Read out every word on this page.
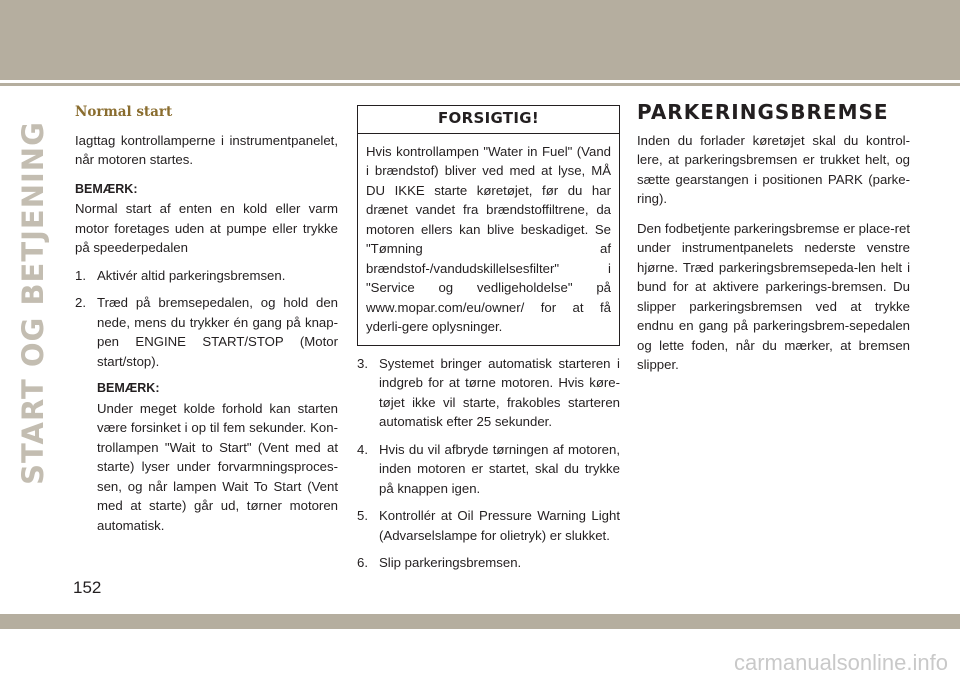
START OG BETJENING
Normal start

Iagttag kontrollamperne i instrumentpanelet, når motoren startes.

BEMÆRK:

Normal start af enten en kold eller varm motor foretages uden at pumpe eller trykke på speederpedalen

1. Aktivér altid parkeringsbremsen.
2. Træd på bremsepedalen, og hold den nede, mens du trykker én gang på knap-pen ENGINE START/STOP (Motor start/stop).
BEMÆRK:

Under meget kolde forhold kan starten være forsinket i op til fem sekunder. Kon-trollampen "Wait to Start" (Vent med at starte) lyser under forvarmningsproces-sen, og når lampen Wait To Start (Vent med at starte) går ud, tørner motoren automatisk.

FORSIGTIG!
Hvis kontrollampen "Water in Fuel" (Vand i brændstof) bliver ved med at lyse, MÅ DU IKKE starte køretøjet, før du har drænet vandet fra brændstoffiltrene, da motoren ellers kan blive beskadiget. Se "Tømning af brændstof-/vandudskillelsesfilter" i "Service og vedligeholdelse" på www.mopar.com/eu/owner/ for at få yderli-gere oplysninger.
3. Systemet bringer automatisk starteren i indgreb for at tørne motoren. Hvis køre-tøjet ikke vil starte, frakobles starteren automatisk efter 25 sekunder.
4. Hvis du vil afbryde tørningen af motoren, inden motoren er startet, skal du trykke på knappen igen.
5. Kontrollér at Oil Pressure Warning Light (Advarselslampe for olietryk) er slukket.
6. Slip parkeringsbremsen.
PARKERINGSBREMSE

Inden du forlader køretøjet skal du kontrol-lere, at parkeringsbremsen er trukket helt, og sætte gearstangen i positionen PARK (parke-ring).

Den fodbetjente parkeringsbremse er place-ret under instrumentpanelets nederste venstre hjørne. Træd parkeringsbremsepeda-len helt i bund for at aktivere parkerings-bremsen. Du slipper parkeringsbremsen ved at trykke endnu en gang på parkeringsbrem-sepedalen og lette foden, når du mærker, at bremsen slipper.

152
carmanualsonline.info
